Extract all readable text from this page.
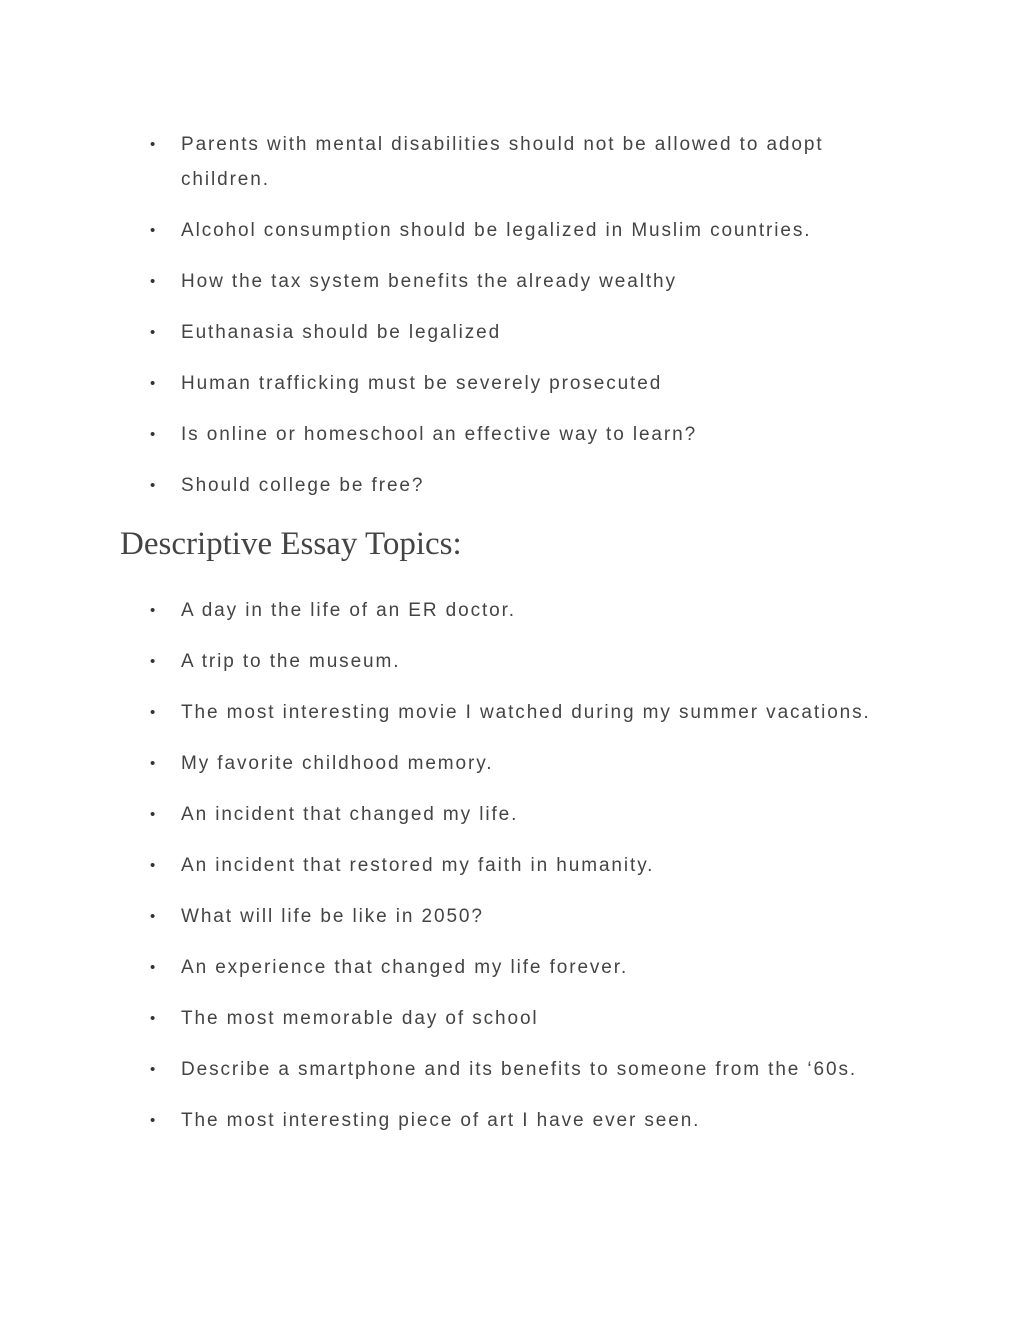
•	Parents with mental disabilities should not be allowed to adopt children.
•	Alcohol consumption should be legalized in Muslim countries.
•	How the tax system benefits the already wealthy
•	Euthanasia should be legalized
•	Human trafficking must be severely prosecuted
•	Is online or homeschool an effective way to learn?
•	Should college be free?
Descriptive Essay Topics:
•	A day in the life of an ER doctor.
•	A trip to the museum.
•	The most interesting movie I watched during my summer vacations.
•	My favorite childhood memory.
•	An incident that changed my life.
•	An incident that restored my faith in humanity.
•	What will life be like in 2050?
•	An experience that changed my life forever.
•	The most memorable day of school
•	Describe a smartphone and its benefits to someone from the ‘60s.
•	The most interesting piece of art I have ever seen.
